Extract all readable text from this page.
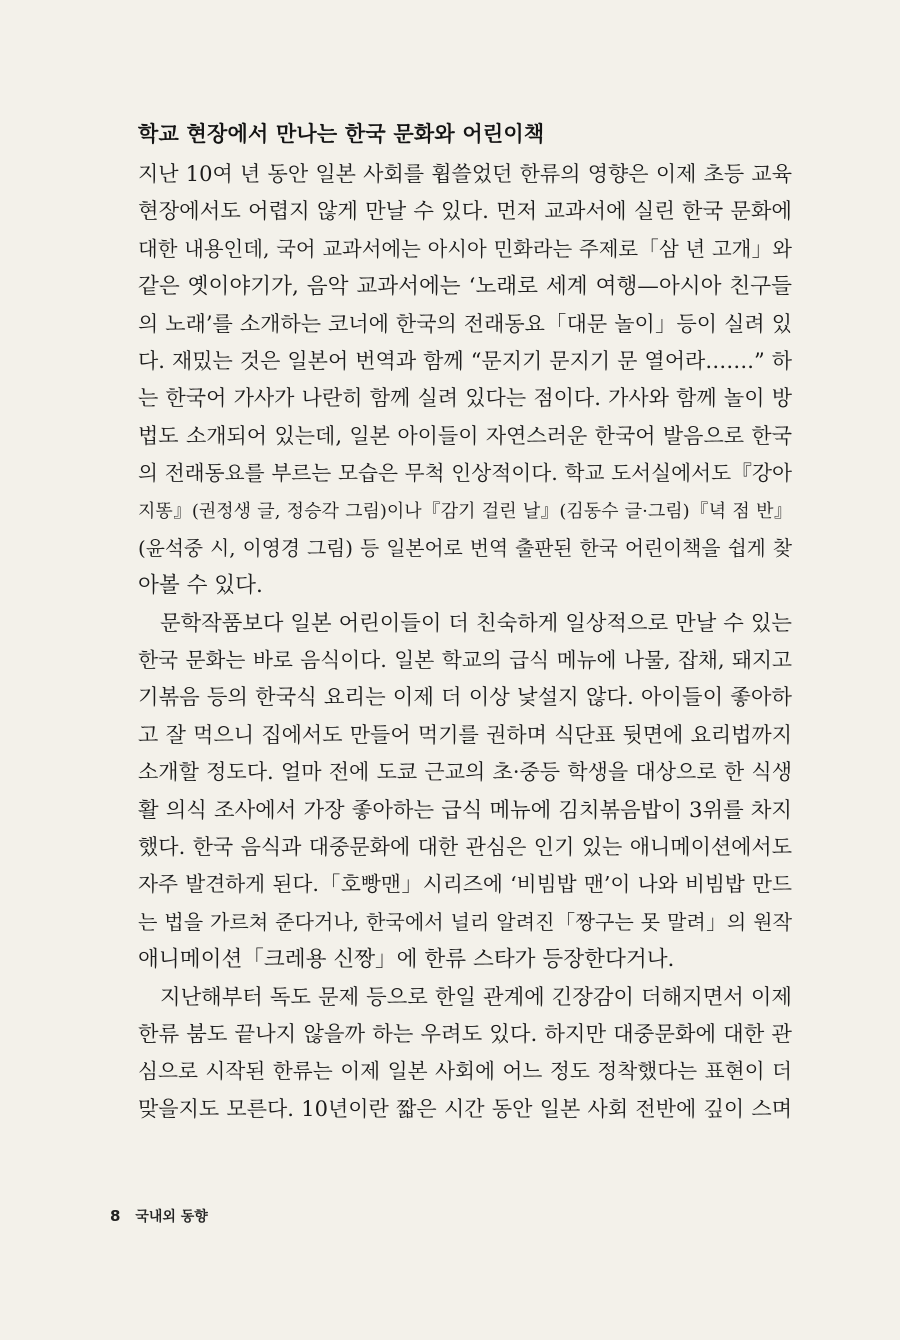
학교 현장에서 만나는 한국 문화와 어린이책
지난 10여 년 동안 일본 사회를 휩쓸었던 한류의 영향은 이제 초등 교육
현장에서도 어렵지 않게 만날 수 있다. 먼저 교과서에 실린 한국 문화에
대한 내용인데, 국어 교과서에는 아시아 민화라는 주제로「삼 년 고개」와
같은 옛이야기가, 음악 교과서에는 ‘노래로 세계 여행—아시아 친구들
의 노래’를 소개하는 코너에 한국의 전래동요「대문 놀이」등이 실려 있
다. 재밌는 것은 일본어 번역과 함께 “문지기 문지기 문 열어라…….” 하
는 한국어 가사가 나란히 함께 실려 있다는 점이다. 가사와 함께 놀이 방
법도 소개되어 있는데, 일본 아이들이 자연스러운 한국어 발음으로 한국
의 전래동요를 부르는 모습은 무척 인상적이다. 학교 도서실에서도『강아
지똥』(권정생 글, 정승각 그림)이나『감기 걸린 날』(김동수 글·그림)『녁 점 반』
(윤석중 시, 이영경 그림) 등 일본어로 번역 출판된 한국 어린이책을 쉽게 찾
아볼 수 있다.
문학작품보다 일본 어린이들이 더 친숙하게 일상적으로 만날 수 있는
한국 문화는 바로 음식이다. 일본 학교의 급식 메뉴에 나물, 잡채, 돼지고
기볶음 등의 한국식 요리는 이제 더 이상 낯설지 않다. 아이들이 좋아하
고 잘 먹으니 집에서도 만들어 먹기를 권하며 식단표 뒷면에 요리법까지
소개할 정도다. 얼마 전에 도쿄 근교의 초·중등 학생을 대상으로 한 식생
활 의식 조사에서 가장 좋아하는 급식 메뉴에 김치볶음밥이 3위를 차지
했다. 한국 음식과 대중문화에 대한 관심은 인기 있는 애니메이션에서도
자주 발견하게 된다.「호빵맨」시리즈에 ‘비빔밥 맨’이 나와 비빔밥 만드
는 법을 가르쳐 준다거나, 한국에서 널리 알려진「짱구는 못 말려」의 원작
애니메이션「크레용 신짱」에 한류 스타가 등장한다거나.
지난해부터 독도 문제 등으로 한일 관계에 긴장감이 더해지면서 이제
한류 붐도 끝나지 않을까 하는 우려도 있다. 하지만 대중문화에 대한 관
심으로 시작된 한류는 이제 일본 사회에 어느 정도 정착했다는 표현이 더
맞을지도 모른다. 10년이란 짧은 시간 동안 일본 사회 전반에 깊이 스며
8 국내외 동향
